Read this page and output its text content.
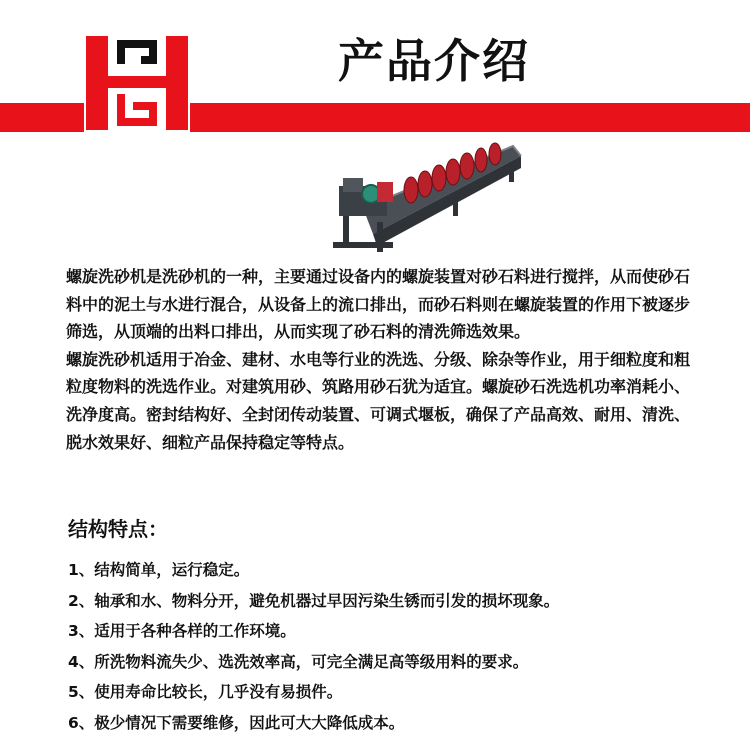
产品介绍

螺旋洗砂机是洗砂机的一种，主要通过设备内的螺旋装置对砂石料进行搅拌，从而使砂石料中的泥土与水进行混合，从设备上的流口排出，而砂石料则在螺旋装置的作用下被逐步筛选，从顶端的出料口排出，从而实现了砂石料的清洗筛选效果。

螺旋洗砂机适用于冶金、建材、水电等行业的洗选、分级、除杂等作业，用于细粒度和粗粒度物料的洗选作业。对建筑用砂、筑路用砂石犹为适宜。螺旋砂石洗选机功率消耗小、洗净度高。密封结构好、全封闭传动装置、可调式堰板，确保了产品高效、耐用、清洗、脱水效果好、细粒产品保持稳定等特点。

结构特点：
1、结构简单，运行稳定。
2、轴承和水、物料分开，避免机器过早因污染生锈而引发的损坏现象。
3、适用于各种各样的工作环境。
4、所洗物料流失少、选洗效率高，可完全满足高等级用料的要求。
5、使用寿命比较长，几乎没有易损件。
6、极少情况下需要维修，因此可大大降低成本。
